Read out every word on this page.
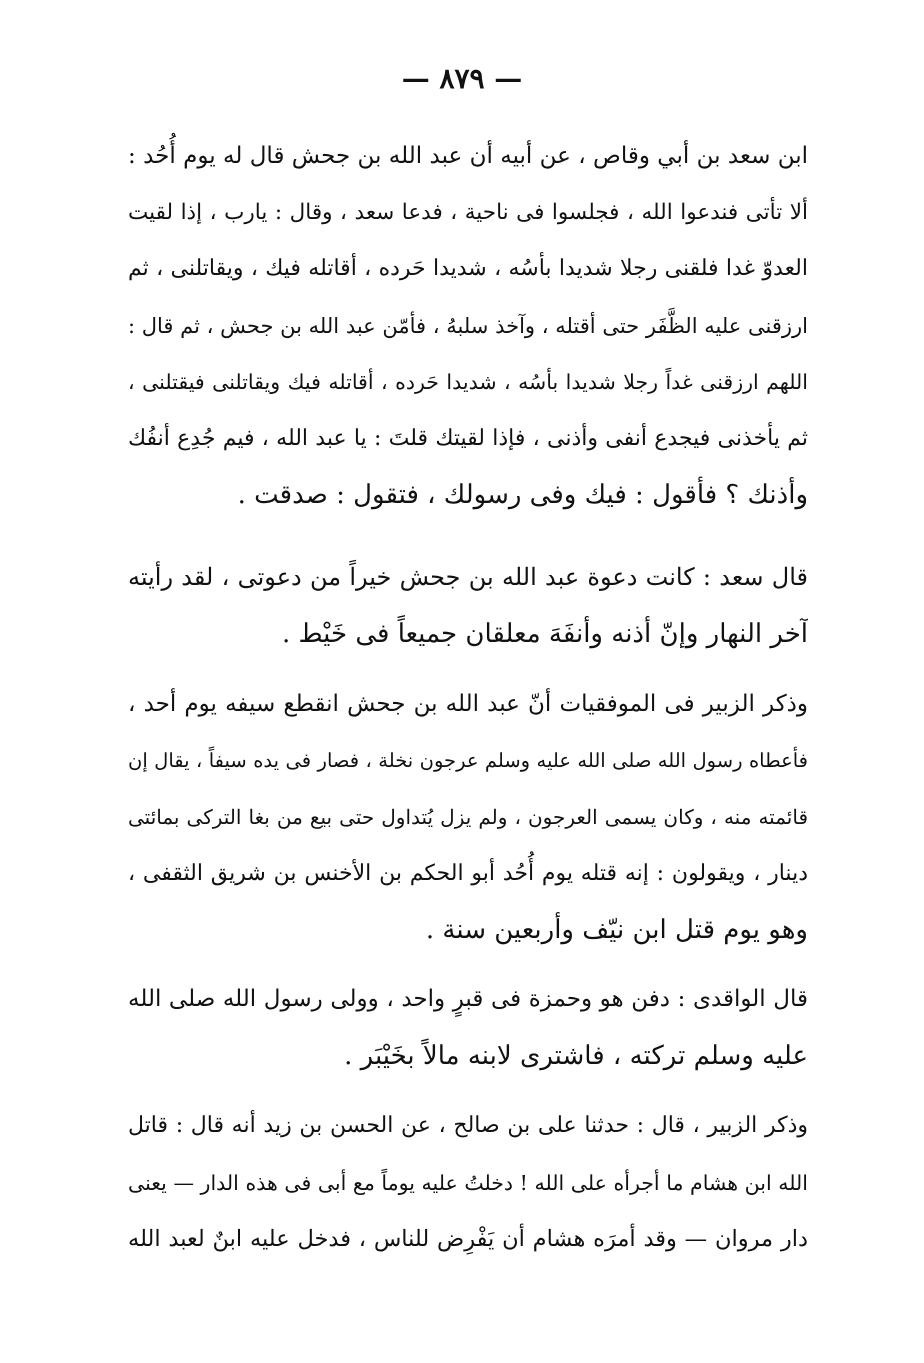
— ٨٧٩ —
ابن سعد بن أبي وقاص ، عن أبيه أن عبد الله بن جحش قال له يوم أُحُد :
ألا تأتى فندعوا الله ، فجلسوا فى ناحية ، فدعا سعد ، وقال : يارب ، إذا لقيت
العدوّ غدا فلقنى رجلا شديدا بأسُه ، شديدا حَرده ، أقاتله فيك ، ويقاتلنى ، ثم
ارزقنى عليه الظَّفَر حتى أقتله ، وآخذ سلبهُ ، فأمّن عبد الله بن جحش ، ثم قال :
اللهم ارزقنى غداً رجلا شديدا بأسُه ، شديدا حَرده ، أقاتله فيك ويقاتلنى فيقتلنى ،
ثم يأخذنى فيجدع أنفى وأذنى ، فإذا لقيتك قلتَ : يا عبد الله ، فيم جُدِع أنفُك
وأذنك ؟ فأقول : فيك وفى رسولك ، فتقول : صدقت .
قال سعد : كانت دعوة عبد الله بن جحش خيراً من دعوتى ، لقد رأيته
آخر النهار وإنّ أذنه وأنفَهَ معلقان جميعاً فى خَيْط .
وذكر الزبير فى الموفقيات أنّ عبد الله بن جحش انقطع سيفه يوم أحد ،
فأعطاه رسول الله صلى الله عليه وسلم عرجون نخلة ، فصار فى يده سيفاً ، يقال إن
قائمته منه ، وكان يسمى العرجون ، ولم يزل يُتداول حتى بيع من بغا التركى بمائتى
دينار ، ويقولون : إنه قتله يوم أُحُد أبو الحكم بن الأخنس بن شريق الثقفى ،
وهو يوم قتل ابن نيّف وأربعين سنة .
قال الواقدى : دفن هو وحمزة فى قبرٍ واحد ، وولى رسول الله صلى الله
عليه وسلم تركته ، فاشترى لابنه مالاً بخَيْبَر .
وذكر الزبير ، قال : حدثنا على بن صالح ، عن الحسن بن زيد أنه قال : قاتل
الله ابن هشام ما أجرأه على الله ! دخلتُ عليه يوماً مع أبى فى هذه الدار — يعنى
دار مروان — وقد أمرَه هشام أن يَفْرِض للناس ، فدخل عليه ابنٌ لعبد الله
